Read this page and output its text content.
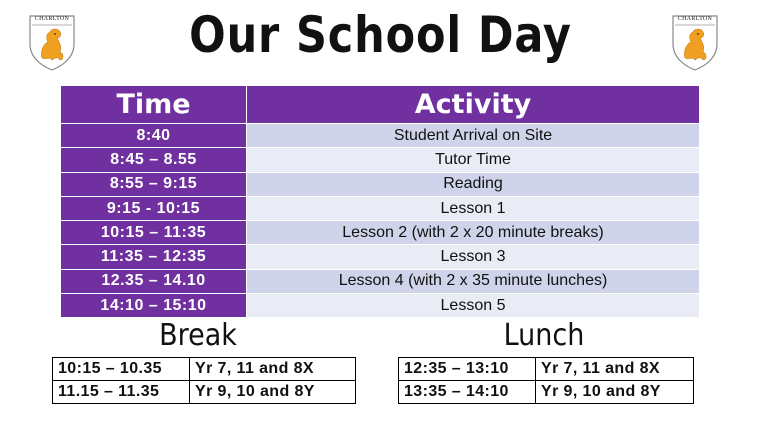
CHARLTON	CHARLTON
Our School Day
Time	Activity
8:40	Student Arrival on Site
8:45 – 8.55	Tutor Time
8:55 – 9:15	Reading
9:15 - 10:15	Lesson 1
10:15 – 11:35	Lesson 2 (with 2 x 20 minute breaks)
11:35 – 12:35	Lesson 3
12.35 – 14.10	Lesson 4 (with 2 x 35 minute lunches)
14:10 – 15:10	Lesson 5
Break	Lunch
10:15 – 10.35	Yr 7, 11 and 8X
11.15 – 11.35	Yr 9, 10 and 8Y
12:35 – 13:10	Yr 7, 11 and 8X
13:35 – 14:10	Yr 9, 10 and 8Y
